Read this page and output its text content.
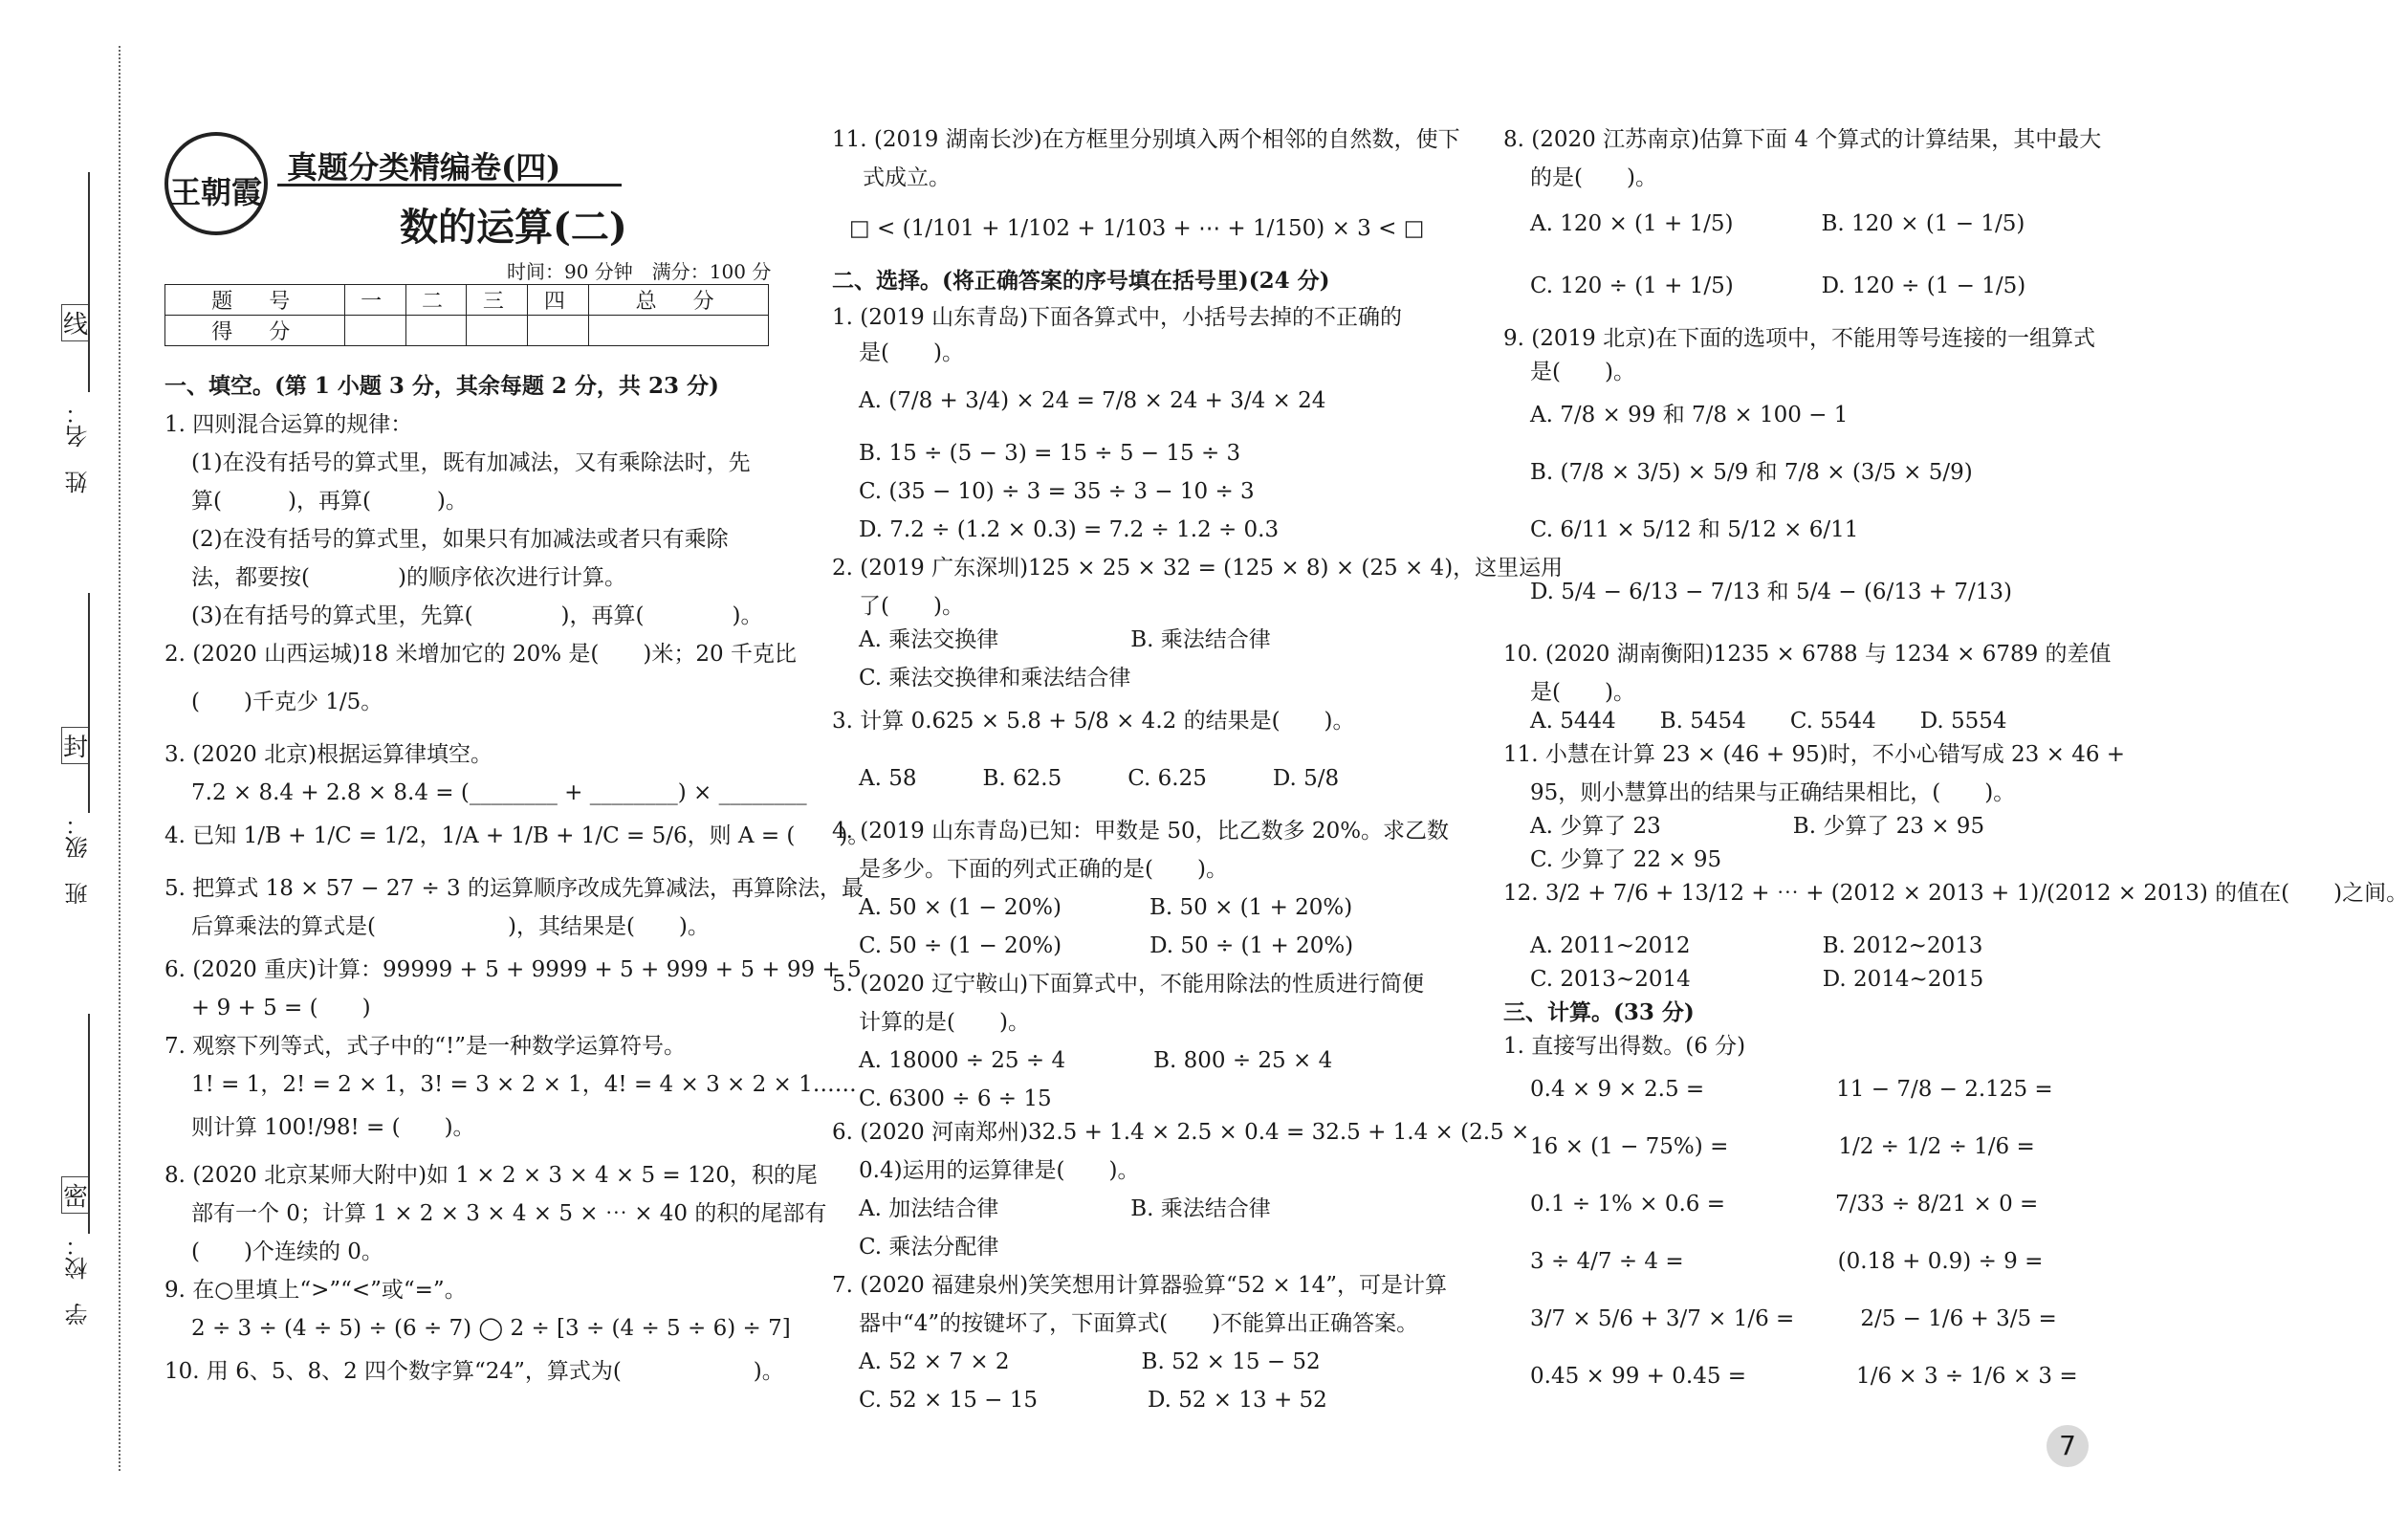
线
封
密
姓　名：
班　级：
学　校：
王朝霞
真题分类精编卷(四)
数的运算(二)
时间：90 分钟　满分：100 分
题　号	一	二	三	四	总　分
得　分					
一、填空。(第 1 小题 3 分，其余每题 2 分，共 23 分)
1. 四则混合运算的规律：
(1)在没有括号的算式里，既有加减法，又有乘除法时，先
算(　　　)，再算(　　　)。
(2)在没有括号的算式里，如果只有加减法或者只有乘除
法，都要按(　　　　)的顺序依次进行计算。
(3)在有括号的算式里，先算(　　　　)，再算(　　　　)。
2. (2020 山西运城)18 米增加它的 20% 是(　　)米；20 千克比
(　　)千克少 1/5。
3. (2020 北京)根据运算律填空。
7.2 × 8.4 + 2.8 × 8.4 = (________ + ________) × ________
4. 已知 1/B + 1/C = 1/2，1/A + 1/B + 1/C = 5/6，则 A = (　　)。
5. 把算式 18 × 57 − 27 ÷ 3 的运算顺序改成先算减法，再算除法，最
后算乘法的算式是(　　　　　　)，其结果是(　　)。
6. (2020 重庆)计算：99999 + 5 + 9999 + 5 + 999 + 5 + 99 + 5
+ 9 + 5 = (　　)
7. 观察下列等式，式子中的“!”是一种数学运算符号。
1! = 1，2! = 2 × 1，3! = 3 × 2 × 1，4! = 4 × 3 × 2 × 1……
则计算 100!/98! = (　　)。
8. (2020 北京某师大附中)如 1 × 2 × 3 × 4 × 5 = 120，积的尾
部有一个 0；计算 1 × 2 × 3 × 4 × 5 × ⋯ × 40 的积的尾部有
(　　)个连续的 0。
9. 在○里填上“>”“<”或“=”。
2 ÷ 3 ÷ (4 ÷ 5) ÷ (6 ÷ 7) ◯ 2 ÷ [3 ÷ (4 ÷ 5 ÷ 6) ÷ 7]
10. 用 6、5、8、2 四个数字算“24”，算式为(　　　　　　)。
11. (2019 湖南长沙)在方框里分别填入两个相邻的自然数，使下
式成立。
□ < (1/101 + 1/102 + 1/103 + ⋯ + 1/150) × 3 < □
二、选择。(将正确答案的序号填在括号里)(24 分)
1. (2019 山东青岛)下面各算式中，小括号去掉的不正确的
是(　　)。
A. (7/8 + 3/4) × 24 = 7/8 × 24 + 3/4 × 24
B. 15 ÷ (5 − 3) = 15 ÷ 5 − 15 ÷ 3
C. (35 − 10) ÷ 3 = 35 ÷ 3 − 10 ÷ 3
D. 7.2 ÷ (1.2 × 0.3) = 7.2 ÷ 1.2 ÷ 0.3
2. (2019 广东深圳)125 × 25 × 32 = (125 × 8) × (25 × 4)，这里运用
了(　　)。
A. 乘法交换律　　　　　　B. 乘法结合律
C. 乘法交换律和乘法结合律
3. 计算 0.625 × 5.8 + 5/8 × 4.2 的结果是(　　)。
A. 58　　　B. 62.5　　　C. 6.25　　　D. 5/8
4. (2019 山东青岛)已知：甲数是 50，比乙数多 20%。求乙数
是多少。下面的列式正确的是(　　)。
A. 50 × (1 − 20%)　　　　B. 50 × (1 + 20%)
C. 50 ÷ (1 − 20%)　　　　D. 50 ÷ (1 + 20%)
5. (2020 辽宁鞍山)下面算式中，不能用除法的性质进行简便
计算的是(　　)。
A. 18000 ÷ 25 ÷ 4　　　　B. 800 ÷ 25 × 4
C. 6300 ÷ 6 ÷ 15
6. (2020 河南郑州)32.5 + 1.4 × 2.5 × 0.4 = 32.5 + 1.4 × (2.5 ×
0.4)运用的运算律是(　　)。
A. 加法结合律　　　　　　B. 乘法结合律
C. 乘法分配律
7. (2020 福建泉州)笑笑想用计算器验算“52 × 14”，可是计算
器中“4”的按键坏了，下面算式(　　)不能算出正确答案。
A. 52 × 7 × 2　　　　　　B. 52 × 15 − 52
C. 52 × 15 − 15　　　　　D. 52 × 13 + 52
8. (2020 江苏南京)估算下面 4 个算式的计算结果，其中最大
的是(　　)。
A. 120 × (1 + 1/5)　　　　B. 120 × (1 − 1/5)
C. 120 ÷ (1 + 1/5)　　　　D. 120 ÷ (1 − 1/5)
9. (2019 北京)在下面的选项中，不能用等号连接的一组算式
是(　　)。
A. 7/8 × 99 和 7/8 × 100 − 1
B. (7/8 × 3/5) × 5/9 和 7/8 × (3/5 × 5/9)
C. 6/11 × 5/12 和 5/12 × 6/11
D. 5/4 − 6/13 − 7/13 和 5/4 − (6/13 + 7/13)
10. (2020 湖南衡阳)1235 × 6788 与 1234 × 6789 的差值
是(　　)。
A. 5444　　B. 5454　　C. 5544　　D. 5554
11. 小慧在计算 23 × (46 + 95)时，不小心错写成 23 × 46 +
95，则小慧算出的结果与正确结果相比，(　　)。
A. 少算了 23　　　　　　B. 少算了 23 × 95
C. 少算了 22 × 95
12. 3/2 + 7/6 + 13/12 + ⋯ + (2012 × 2013 + 1)/(2012 × 2013) 的值在(　　)之间。
A. 2011~2012　　　　　　B. 2012~2013
C. 2013~2014　　　　　　D. 2014~2015
三、计算。(33 分)
1. 直接写出得数。(6 分)
0.4 × 9 × 2.5 =　　　　　　11 − 7/8 − 2.125 =
16 × (1 − 75%) =　　　　　1/2 ÷ 1/2 ÷ 1/6 =
0.1 ÷ 1% × 0.6 =　　　　　7/33 ÷ 8/21 × 0 =
3 ÷ 4/7 ÷ 4 =　　　　　　　(0.18 + 0.9) ÷ 9 =
3/7 × 5/6 + 3/7 × 1/6 =　　　2/5 − 1/6 + 3/5 =
0.45 × 99 + 0.45 =　　　　　1/6 × 3 ÷ 1/6 × 3 =
7
